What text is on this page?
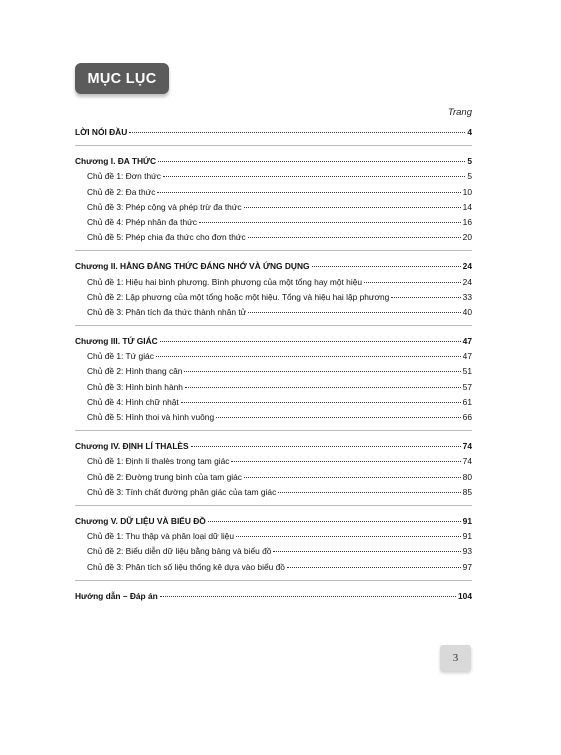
MỤC LỤC
Trang
LỜI NÓI ĐẦU	4
Chương I. ĐA THỨC	5
Chủ đề 1: Đơn thức	5
Chủ đề 2: Đa thức	10
Chủ đề 3: Phép cộng và phép trừ đa thức	14
Chủ đề 4: Phép nhân đa thức	16
Chủ đề 5: Phép chia đa thức cho đơn thức	20
Chương II. HẰNG ĐẲNG THỨC ĐÁNG NHỚ VÀ ỨNG DỤNG	24
Chủ đề 1: Hiệu hai bình phương. Bình phương của một tổng hay một hiệu	24
Chủ đề 2: Lập phương của một tổng hoặc một hiệu. Tổng và hiệu hai lập phương	33
Chủ đề 3: Phân tích đa thức thành nhân tử	40
Chương III. TỨ GIÁC	47
Chủ đề 1: Tứ giác	47
Chủ đề 2: Hình thang cân	51
Chủ đề 3: Hình bình hành	57
Chủ đề 4: Hình chữ nhật	61
Chủ đề 5: Hình thoi và hình vuông	66
Chương IV. ĐỊNH LÍ THALÈS	74
Chủ đề 1: Định lí thalès trong tam giác	74
Chủ đề 2: Đường trung bình của tam giác	80
Chủ đề 3: Tính chất đường phân giác của tam giác	85
Chương V. DỮ LIỆU VÀ BIỂU ĐỒ	91
Chủ đề 1: Thu thập và phân loại dữ liệu	91
Chủ đề 2: Biểu diễn dữ liệu bằng bảng và biểu đồ	93
Chủ đề 3: Phân tích số liệu thống kê dựa vào biểu đồ	97
Hướng dẫn – Đáp án	104
3
